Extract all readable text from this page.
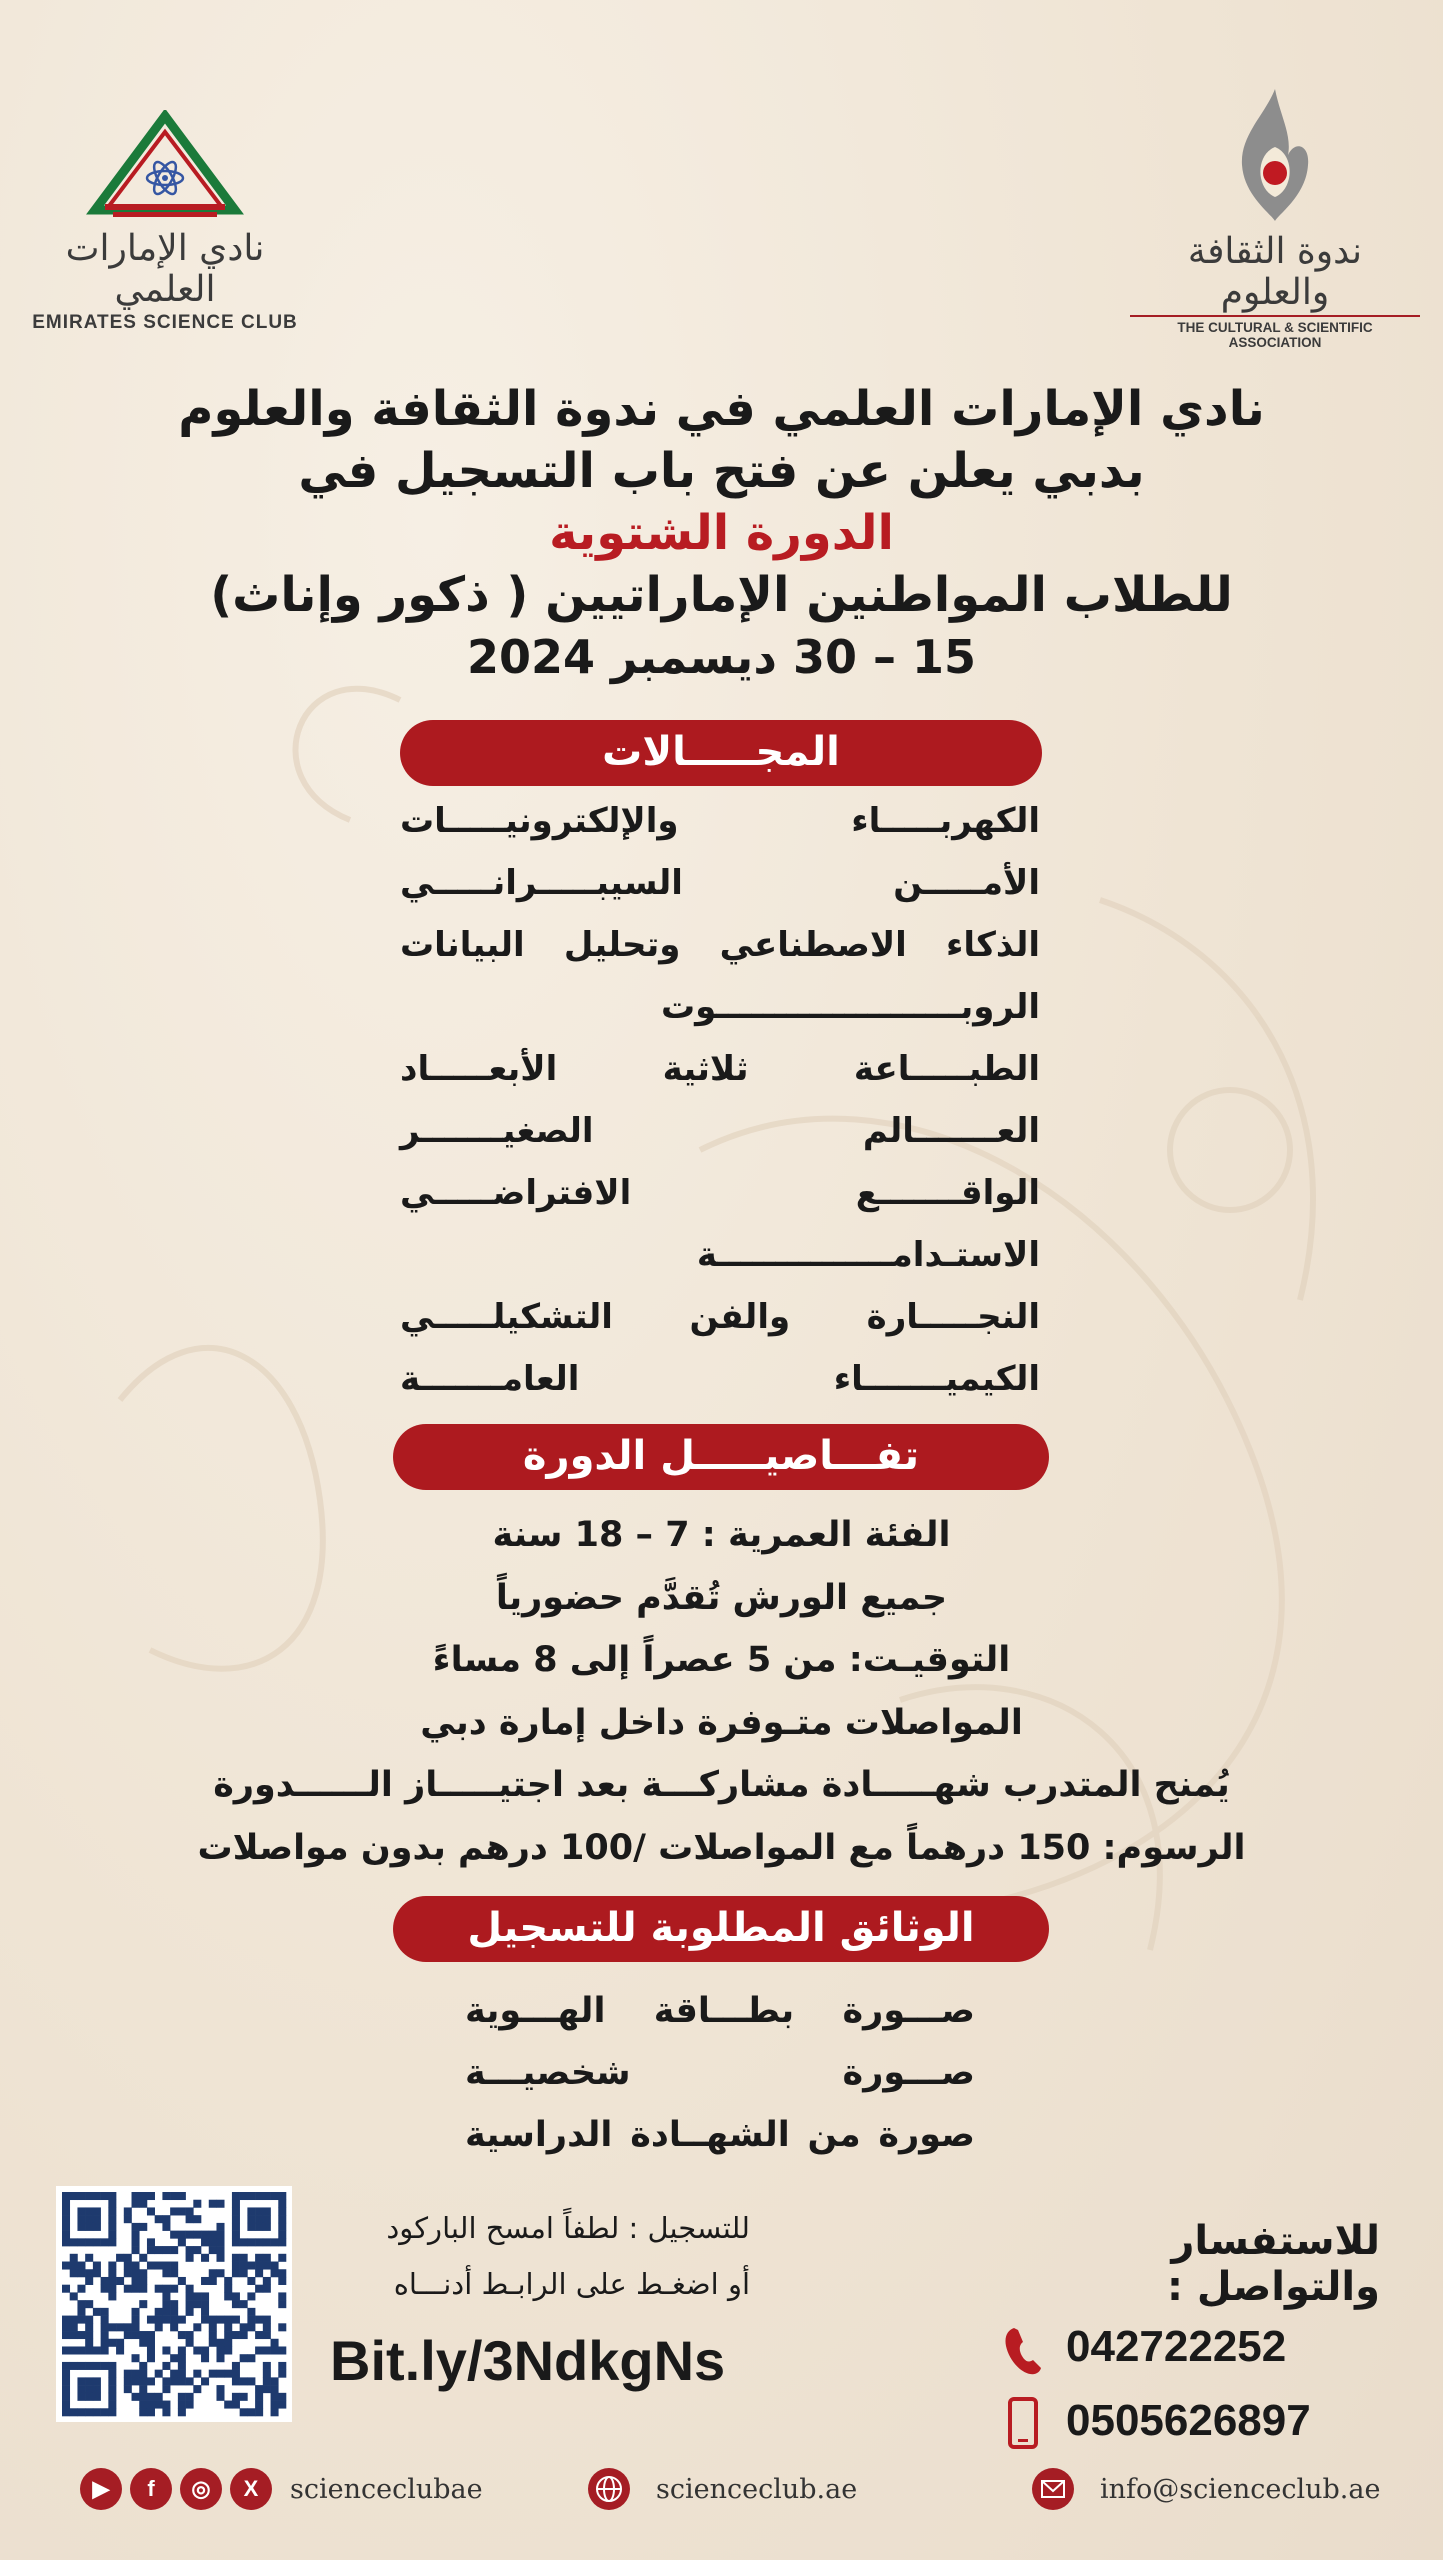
نادي الإمارات العلمي
EMIRATES SCIENCE CLUB
ندوة الثقافة والعلوم
THE CULTURAL & SCIENTIFIC ASSOCIATION
نادي الإمارات العلمي في ندوة الثقافة والعلوم
بدبي يعلن عن فتح باب التسجيل في
الدورة الشتوية
للطلاب المواطنين الإماراتيين ( ذكور وإناث)
15 – 30 ديسمبر 2024
المجـــــالات
الكهربـــــاء والإلكترونيـــــات
الأمـــــن السيبـــــرانـــــي
الذكاء الاصطناعي وتحليل البيانات
الروبـــــــــــــــــــــوت
الطبـــــاعة ثلاثية الأبعـــــاد
العـــــــالم الصغيـــــــر
الواقـــــــع الافتراضـــــي
الاستـدامـــــــــــــــة
النجـــــارة والفن التشكيلـــــي
الكيميـــــــاء العامـــــــة
تفـــاصيـــــل الدورة
الفئة العمرية : 7 – 18 سنة
جميع الورش تُقدَّم حضورياً
التوقيـت: من 5 عصراً إلى 8 مساءً
المواصلات متـوفرة داخل إمارة دبي
يُمنح المتدرب شهـــــادة مشاركـــة بعد اجتيـــــاز الــــــدورة
الرسوم: 150 درهماً مع المواصلات /100 درهم بدون مواصلات
الوثائق المطلوبة للتسجيل
صـــورة بطـــاقة الهـــوية
صـــورة شخصيـــة
صورة من الشهــادة الدراسية
للتسجيل : لطفاً امسح الباركود
أو اضغـط على الرابـط أدنـــاه
Bit.ly/3NdkgNs
للاستفسار والتواصل :
042722252
0505626897
▶	f	◎	X	scienceclubae	scienceclub.ae	info@scienceclub.ae
